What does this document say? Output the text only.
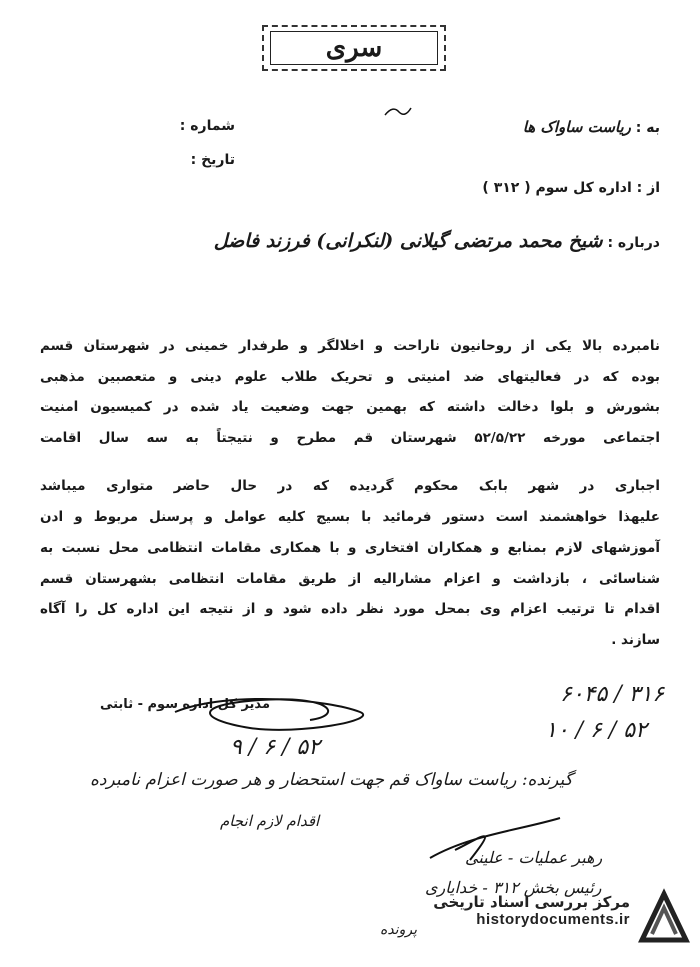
سری
به : ریاست ساواک ها
شماره :
تاریخ :
از : اداره کل سوم ( ۳۱۲ )
درباره : شیخ محمد مرتضی گیلانی (لنکرانی) فرزند فاضل
نامبرده بالا یکی از روحانیون ناراحت و اخلالگر و طرفدار خمینی در شهرستان قسم
بوده که در فعالیتهای ضد امنیتی و تحریک طلاب علوم دینی و متعصبین مذهبی
بشورش و بلوا دخالت داشته که بهمین جهت وضعیت یاد شده در کمیسیون امنیت
اجتماعی مورخه ۵۲/۵/۲۲ شهرستان قم مطرح و نتیجتاً به سه سال اقامت
اجباری در شهر بابک محکوم گردیده که در حال حاضر متواری میباشد
علیهذا خواهشمند است دستور فرمائید با بسیج کلیه عوامل و پرسنل مربوط و ادن
آموزشهای لازم بمنابع و همکاران افتخاری و با همکاری مقامات انتظامی محل نسبت به
شناسائی ، بازداشت و اعزام مشارالیه از طریق مقامات انتظامی بشهرستان قسم
اقدام تا ترتیب اعزام وی بمحل مورد نظر داده شود و از نتیجه این اداره کل را آگاه
سازند .
مدیر کل اداره سوم - ثابتی
۹ / ۶ / ۵۲
۶۰۴۵ / ۳۱۶
۱۰ / ۶ / ۵۲
گیرنده: ریاست ساواک قم جهت استحضار و هر صورت اعزام نامبرده
اقدام لازم انجام
رهبر عملیات - علینی
رئیس بخش ۳۱۲ - خدایاری
پرونده
مرکز بررسی اسناد تاریخی
historydocuments.ir
